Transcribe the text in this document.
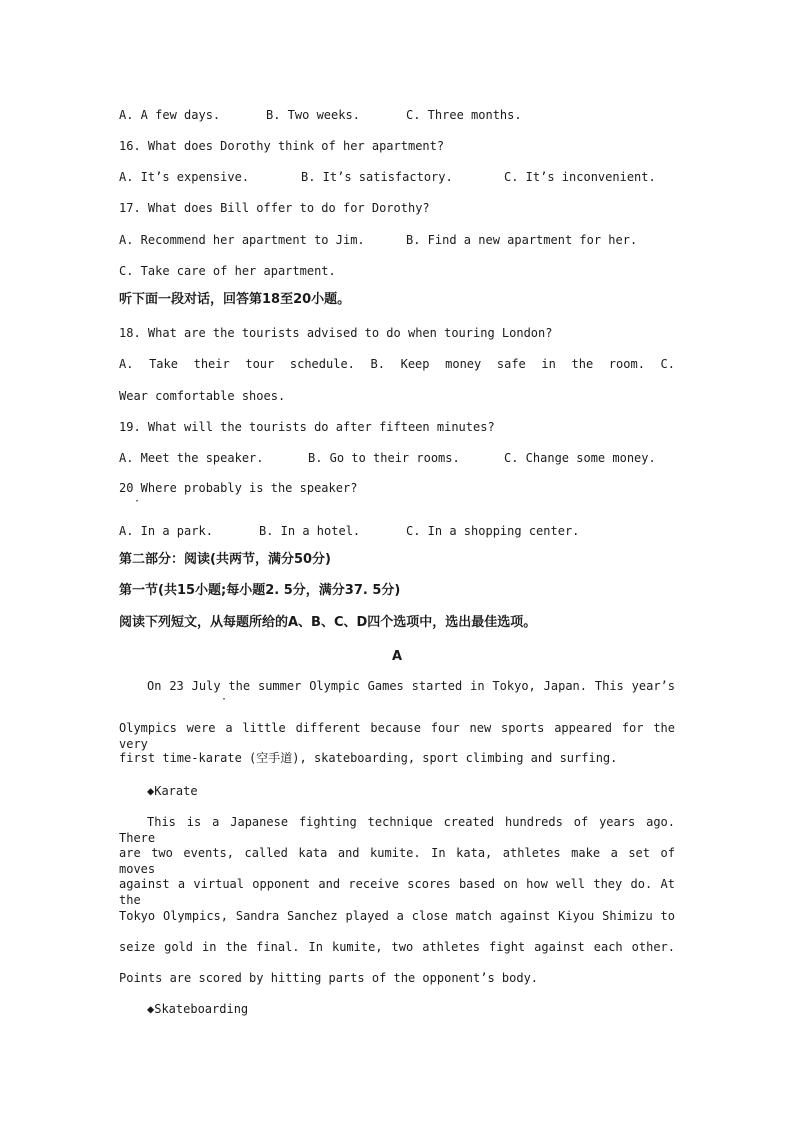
A. A few days.	B. Two weeks.	C. Three months.
16. What does Dorothy think of her apartment?
A. It’s expensive.	B. It’s satisfactory.	C. It’s inconvenient.
17. What does Bill offer to do for Dorothy?
A. Recommend her apartment to Jim.	B. Find a new apartment for her.
C. Take care of her apartment.
听下面一段对话，回答第18至20小题。
18. What are the tourists advised to do when touring London?
A. Take their tour schedule. B. Keep money safe in the room. C.
Wear comfortable shoes.
19. What will the tourists do after fifteen minutes?
A. Meet the speaker.	B. Go to their rooms.	C. Change some money.
20 Where probably is the speaker?
·
A. In a park.	B. In a hotel.	C. In a shopping center.
第二部分：阅读(共两节，满分50分)
第一节(共15小题;每小题2. 5分，满分37. 5分)
阅读下列短文，从每题所给的A、B、C、D四个选项中，选出最佳选项。
A
On 23 July the summer Olympic Games started in Tokyo, Japan. This year’s
·
Olympics were a little different because four new sports appeared for the very
first time-karate (空手道), skateboarding, sport climbing and surfing.
◆Karate
This is a Japanese fighting technique created hundreds of years ago. There
are two events, called kata and kumite. In kata, athletes make a set of moves
against a virtual opponent and receive scores based on how well they do. At the
Tokyo Olympics, Sandra Sanchez played a close match against Kiyou Shimizu to
seize gold in the final. In kumite, two athletes fight against each other.
Points are scored by hitting parts of the opponent’s body.
◆Skateboarding
